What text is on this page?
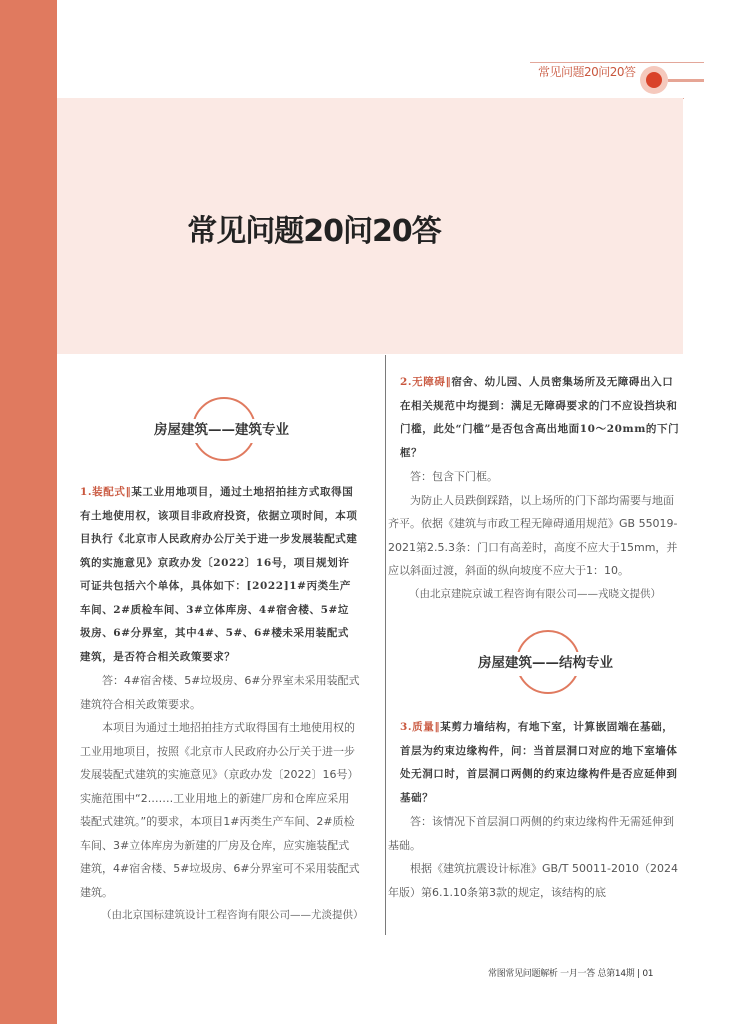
常见问题20问20答
常见问题20问20答
房屋建筑——建筑专业

1.装配式‖某工业用地项目，通过土地招拍挂方式取得国有土地使用权，该项目非政府投资，依据立项时间，本项目执行《北京市人民政府办公厅关于进一步发展装配式建筑的实施意见》京政办发〔2022〕16号，项目规划许可证共包括六个单体，具体如下：[2022]1#丙类生产车间、2#质检车间、3#立体库房、4#宿舍楼、5#垃圾房、6#分界室，其中4#、5#、6#楼未采用装配式建筑，是否符合相关政策要求？

答：4#宿舍楼、5#垃圾房、6#分界室未采用装配式建筑符合相关政策要求。

本项目为通过土地招拍挂方式取得国有土地使用权的工业用地项目，按照《北京市人民政府办公厅关于进一步发展装配式建筑的实施意见》（京政办发〔2022〕16号）实施范围中“2.……工业用地上的新建厂房和仓库应采用装配式建筑。”的要求，本项目1#丙类生产车间、2#质检车间、3#立体库房为新建的厂房及仓库，应实施装配式建筑，4#宿舍楼、5#垃圾房、6#分界室可不采用装配式建筑。

（由北京国标建筑设计工程咨询有限公司——尤淡提供）

2.无障碍‖宿舍、幼儿园、人员密集场所及无障碍出入口在相关规范中均提到：满足无障碍要求的门不应设挡块和门槛，此处“门槛”是否包含高出地面10～20mm的下门框？

答：包含下门框。

为防止人员跌倒踩踏，以上场所的门下部均需要与地面齐平。依据《建筑与市政工程无障碍通用规范》GB 55019-2021第2.5.3条：门口有高差时，高度不应大于15mm，并应以斜面过渡，斜面的纵向坡度不应大于1：10。

（由北京建院京诚工程咨询有限公司——戎晓文提供）

房屋建筑——结构专业

3.质量‖某剪力墙结构，有地下室，计算嵌固端在基础，首层为约束边缘构件，问：当首层洞口对应的地下室墙体处无洞口时，首层洞口两侧的约束边缘构件是否应延伸到基础？

答：该情况下首层洞口两侧的约束边缘构件无需延伸到基础。

根据《建筑抗震设计标准》GB/T 50011-2010（2024年版）第6.1.10条第3款的规定，该结构的底

常图常见问题解析 一月一答 总第14期 | 01
